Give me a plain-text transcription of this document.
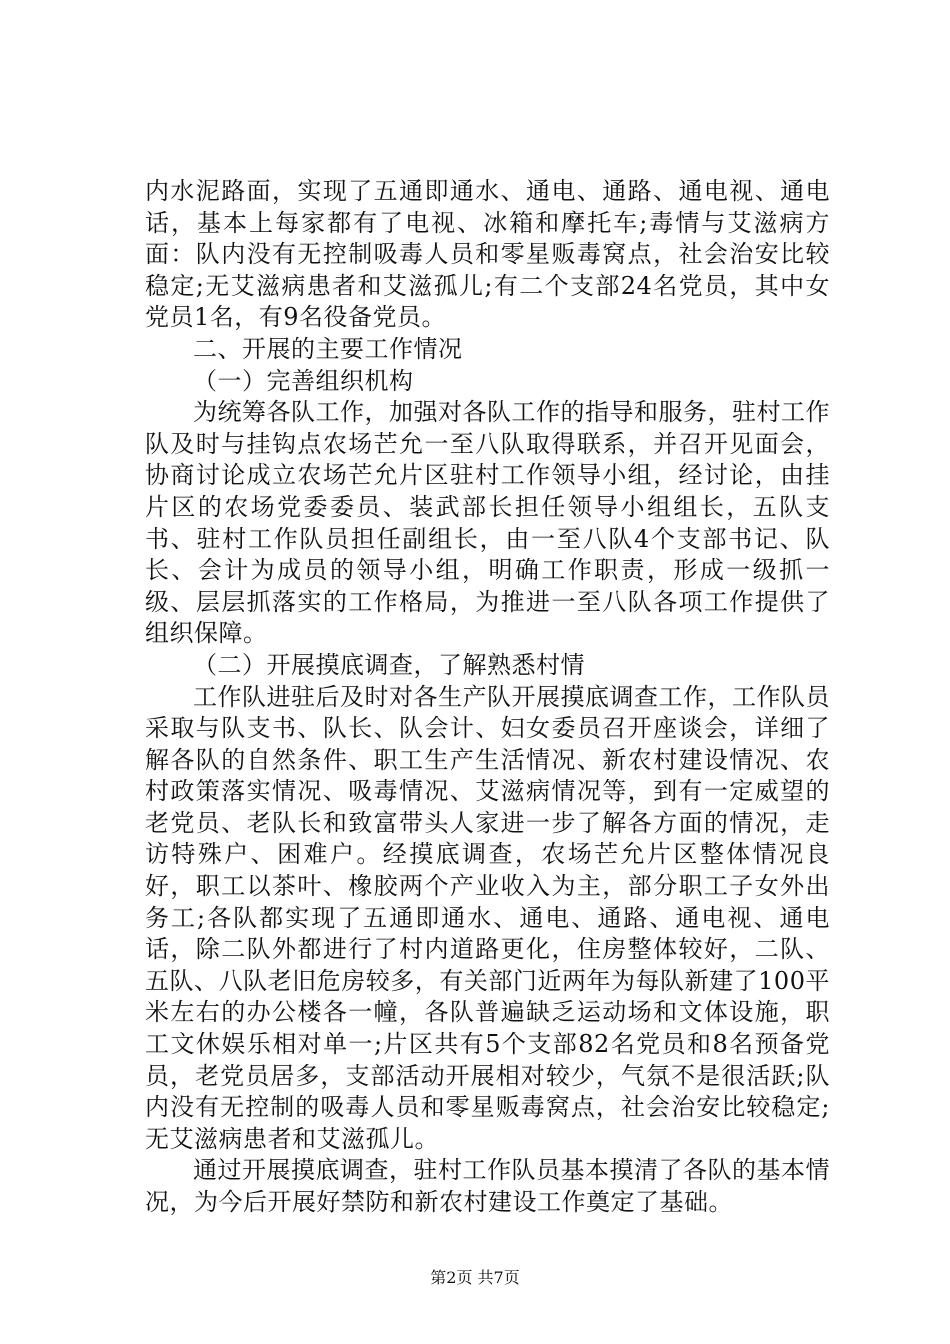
内水泥路面，实现了五通即通水、通电、通路、通电视、通电话，基本上每家都有了电视、冰箱和摩托车;毒情与艾滋病方面：队内没有无控制吸毒人员和零星贩毒窝点，社会治安比较稳定;无艾滋病患者和艾滋孤儿;有二个支部24名党员，其中女党员1名，有9名役备党员。

二、开展的主要工作情况

（一）完善组织机构

为统筹各队工作，加强对各队工作的指导和服务，驻村工作队及时与挂钩点农场芒允一至八队取得联系，并召开见面会，协商讨论成立农场芒允片区驻村工作领导小组，经讨论，由挂片区的农场党委委员、装武部长担任领导小组组长，五队支书、驻村工作队员担任副组长，由一至八队4个支部书记、队长、会计为成员的领导小组，明确工作职责，形成一级抓一级、层层抓落实的工作格局，为推进一至八队各项工作提供了组织保障。

（二）开展摸底调查，了解熟悉村情

工作队进驻后及时对各生产队开展摸底调查工作，工作队员采取与队支书、队长、队会计、妇女委员召开座谈会，详细了解各队的自然条件、职工生产生活情况、新农村建设情况、农村政策落实情况、吸毒情况、艾滋病情况等，到有一定威望的老党员、老队长和致富带头人家进一步了解各方面的情况，走访特殊户、困难户。经摸底调查，农场芒允片区整体情况良好，职工以茶叶、橡胶两个产业收入为主，部分职工子女外出务工;各队都实现了五通即通水、通电、通路、通电视、通电话，除二队外都进行了村内道路更化，住房整体较好，二队、五队、八队老旧危房较多，有关部门近两年为每队新建了100平米左右的办公楼各一幢，各队普遍缺乏运动场和文体设施，职工文休娱乐相对单一;片区共有5个支部82名党员和8名预备党员，老党员居多，支部活动开展相对较少，气氛不是很活跃;队内没有无控制的吸毒人员和零星贩毒窝点，社会治安比较稳定;无艾滋病患者和艾滋孤儿。

通过开展摸底调查，驻村工作队员基本摸清了各队的基本情况，为今后开展好禁防和新农村建设工作奠定了基础。

第2页 共7页
